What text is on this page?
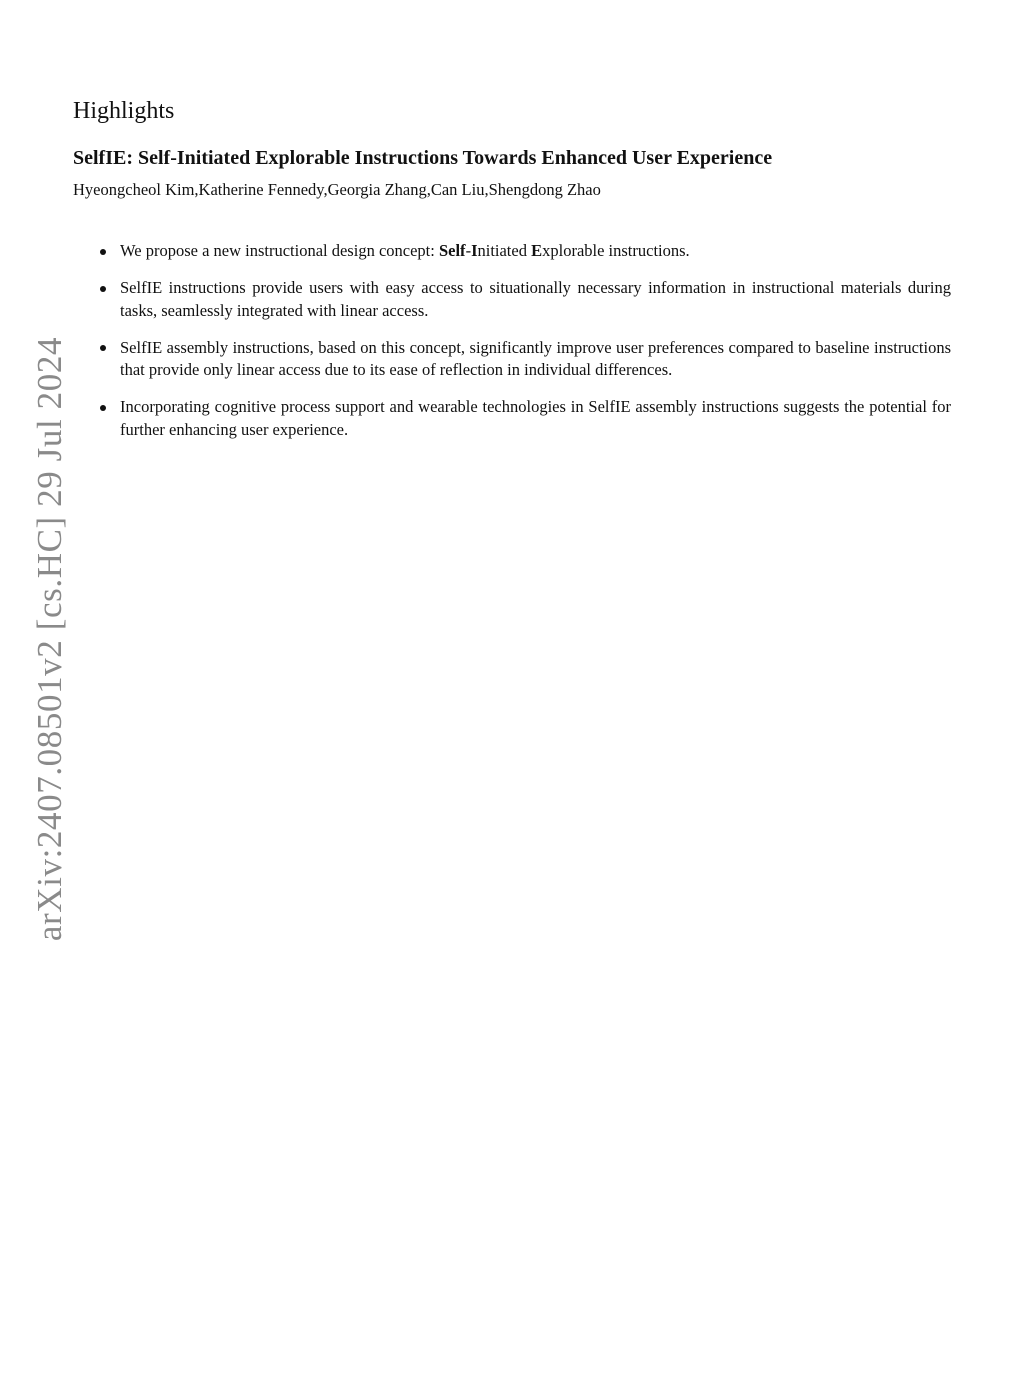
arXiv:2407.08501v2 [cs.HC] 29 Jul 2024
Highlights
SelfIE: Self-Initiated Explorable Instructions Towards Enhanced User Experience

Hyeongcheol Kim,Katherine Fennedy,Georgia Zhang,Can Liu,Shengdong Zhao

We propose a new instructional design concept: Self-Initiated Explorable instructions.
SelfIE instructions provide users with easy access to situationally necessary information in instructional materials during tasks, seamlessly integrated with linear access.
SelfIE assembly instructions, based on this concept, significantly improve user preferences compared to baseline instructions that provide only linear access due to its ease of reflection in individual differences.
Incorporating cognitive process support and wearable technologies in SelfIE assembly instructions suggests the potential for further enhancing user experience.
